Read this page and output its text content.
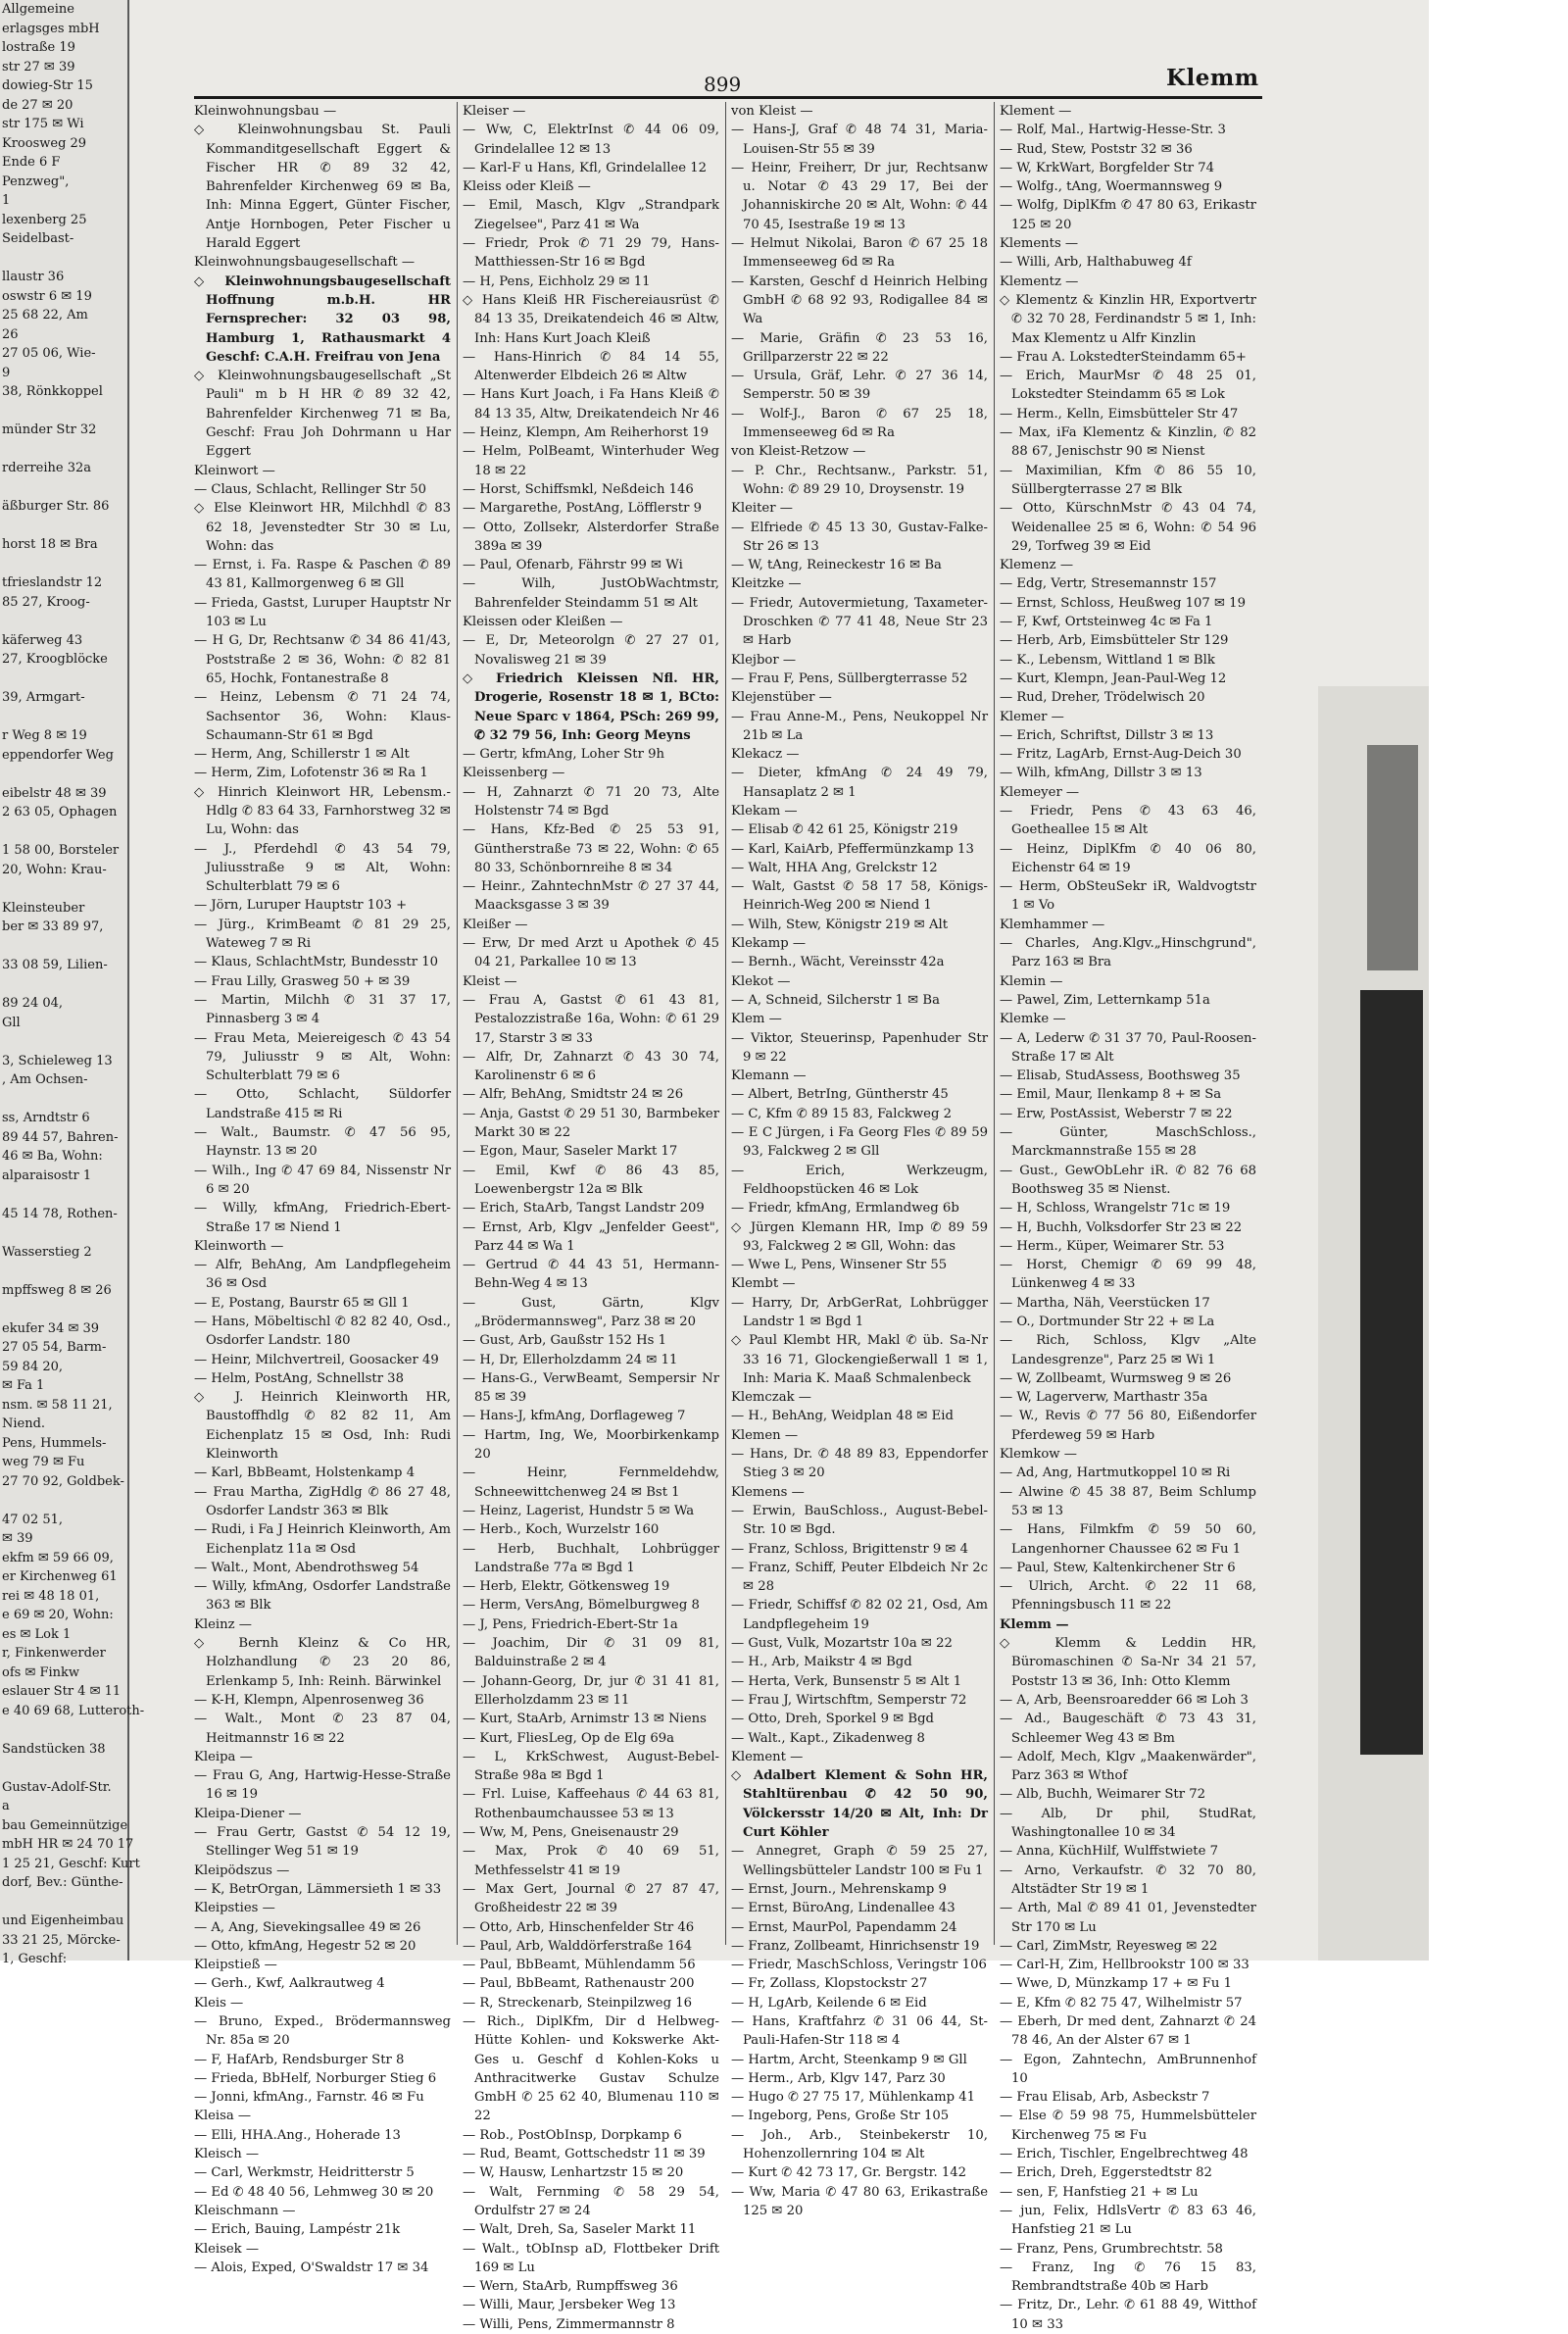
Allgemeine
erlagsges mbH
lostraße 19
str 27 ✉ 39
dowieg-Str 15
de 27 ✉ 20
str 175 ✉ Wi
Kroosweg 29
Ende 6 F
Penzweg",
1
lexenberg 25
Seidelbast-

llaustr 36
oswstr 6 ✉ 19
25 68 22, Am
26
27 05 06, Wie-
9
38, Rönkkoppel

münder Str 32

rderreihe 32a

äßburger Str. 86

horst 18 ✉ Bra

tfrieslandstr 12
85 27, Kroog-

käferweg 43
27, Kroogblöcke

39, Armgart-

r Weg 8 ✉ 19
eppendorfer Weg

eibelstr 48 ✉ 39
2 63 05, Ophagen

1 58 00, Borsteler
20, Wohn: Krau-

Kleinsteuber
ber ✉ 33 89 97,

33 08 59, Lilien-

89 24 04,
Gll

3, Schieleweg 13
, Am Ochsen-

ss, Arndtstr 6
89 44 57, Bahren-
46 ✉ Ba, Wohn:
alparaisostr 1

45 14 78, Rothen-

Wasserstieg 2

mpffsweg 8 ✉ 26

ekufer 34 ✉ 39
27 05 54, Barm-
59 84 20,
✉ Fa 1
nsm. ✉ 58 11 21,
Niend.
Pens, Hummels-
weg 79 ✉ Fu
27 70 92, Goldbek-

47 02 51,
✉ 39
ekfm ✉ 59 66 09,
er Kirchenweg 61
rei ✉ 48 18 01,
e 69 ✉ 20, Wohn:
es ✉ Lok 1
r, Finkenwerder
ofs ✉ Finkw
eslauer Str 4 ✉ 11
e 40 69 68, Lutteroth-

Sandstücken 38

Gustav-Adolf-Str.
a
bau Gemeinnützige
mbH HR ✉ 24 70 17
1 25 21, Geschf: Kurt
dorf, Bev.: Günthe-

und Eigenheimbau
33 21 25, Mörcke-
1, Geschf:
899	Klemm
Kleinwohnungsbau —
◇ Kleinwohnungsbau St. Pauli Kommanditgesellschaft Eggert & Fischer HR ✆ 89 32 42, Bahrenfelder Kirchenweg 69 ✉ Ba, Inh: Minna Eggert, Günter Fischer, Antje Hornbogen, Peter Fischer u Harald Eggert
Kleinwohnungsbaugesellschaft —
◇ Kleinwohnungsbaugesellschaft Hoffnung m.b.H. HR Fernsprecher: 32 03 98, Hamburg 1, Rathausmarkt 4 Geschf: C.A.H. Freifrau von Jena
◇ Kleinwohnungsbaugesellschaft „St Pauli" m b H HR ✆ 89 32 42, Bahrenfelder Kirchenweg 71 ✉ Ba, Geschf: Frau Joh Dohrmann u Har Eggert
Kleinwort —
— Claus, Schlacht, Rellinger Str 50
◇ Else Kleinwort HR, Milchhdl ✆ 83 62 18, Jevenstedter Str 30 ✉ Lu, Wohn: das
— Ernst, i. Fa. Raspe & Paschen ✆ 89 43 81, Kallmorgenweg 6 ✉ Gll
— Frieda, Gastst, Luruper Hauptstr Nr 103 ✉ Lu
— H G, Dr, Rechtsanw ✆ 34 86 41/43, Poststraße 2 ✉ 36, Wohn: ✆ 82 81 65, Hochk, Fontanestraße 8
— Heinz, Lebensm ✆ 71 24 74, Sachsentor 36, Wohn: Klaus-Schaumann-Str 61 ✉ Bgd
— Herm, Ang, Schillerstr 1 ✉ Alt
— Herm, Zim, Lofotenstr 36 ✉ Ra 1
◇ Hinrich Kleinwort HR, Lebensm.-Hdlg ✆ 83 64 33, Farnhorstweg 32 ✉ Lu, Wohn: das
— J., Pferdehdl ✆ 43 54 79, Juliusstraße 9 ✉ Alt, Wohn: Schulterblatt 79 ✉ 6
— Jörn, Luruper Hauptstr 103 +
— Jürg., KrimBeamt ✆ 81 29 25, Wateweg 7 ✉ Ri
— Klaus, SchlachtMstr, Bundesstr 10
— Frau Lilly, Grasweg 50 + ✉ 39
— Martin, Milchh ✆ 31 37 17, Pinnasberg 3 ✉ 4
— Frau Meta, Meiereigesch ✆ 43 54 79, Juliusstr 9 ✉ Alt, Wohn: Schulterblatt 79 ✉ 6
— Otto, Schlacht, Süldorfer Landstraße 415 ✉ Ri
— Walt., Baumstr. ✆ 47 56 95, Haynstr. 13 ✉ 20
— Wilh., Ing ✆ 47 69 84, Nissenstr Nr 6 ✉ 20
— Willy, kfmAng, Friedrich-Ebert-Straße 17 ✉ Niend 1
Kleinworth —
— Alfr, BehAng, Am Landpflegeheim 36 ✉ Osd
— E, Postang, Baurstr 65 ✉ Gll 1
— Hans, Möbeltischl ✆ 82 82 40, Osd., Osdorfer Landstr. 180
— Heinr, Milchvertreil, Goosacker 49
— Helm, PostAng, Schnellstr 38
◇ J. Heinrich Kleinworth HR, Baustoffhdlg ✆ 82 82 11, Am Eichenplatz 15 ✉ Osd, Inh: Rudi Kleinworth
— Karl, BbBeamt, Holstenkamp 4
— Frau Martha, ZigHdlg ✆ 86 27 48, Osdorfer Landstr 363 ✉ Blk
— Rudi, i Fa J Heinrich Kleinworth, Am Eichenplatz 11a ✉ Osd
— Walt., Mont, Abendrothsweg 54
— Willy, kfmAng, Osdorfer Landstraße 363 ✉ Blk
Kleinz —
◇ Bernh Kleinz & Co HR, Holzhandlung ✆ 23 20 86, Erlenkamp 5, Inh: Reinh. Bärwinkel
— K-H, Klempn, Alpenrosenweg 36
— Walt., Mont ✆ 23 87 04, Heitmannstr 16 ✉ 22
Kleipa —
— Frau G, Ang, Hartwig-Hesse-Straße 16 ✉ 19
Kleipa-Diener —
— Frau Gertr, Gastst ✆ 54 12 19, Stellinger Weg 51 ✉ 19
Kleipödszus —
— K, BetrOrgan, Lämmersieth 1 ✉ 33
Kleipsties —
— A, Ang, Sievekingsallee 49 ✉ 26
— Otto, kfmAng, Hegestr 52 ✉ 20
Kleipstieß —
— Gerh., Kwf, Aalkrautweg 4
Kleis —
— Bruno, Exped., Brödermannsweg Nr. 85a ✉ 20
— F, HafArb, Rendsburger Str 8
— Frieda, BbHelf, Norburger Stieg 6
— Jonni, kfmAng., Farnstr. 46 ✉ Fu
Kleisa —
— Elli, HHA.Ang., Hoherade 13
Kleisch —
— Carl, Werkmstr, Heidritterstr 5
— Ed ✆ 48 40 56, Lehmweg 30 ✉ 20
Kleischmann —
— Erich, Bauing, Lampéstr 21k
Kleisek —
— Alois, Exped, O'Swaldstr 17 ✉ 34
Kleiser —
— Ww, C, ElektrInst ✆ 44 06 09, Grindelallee 12 ✉ 13
— Karl-F u Hans, Kfl, Grindelallee 12
Kleiss oder Kleiß —
— Emil, Masch, Klgv „Strandpark Ziegelsee", Parz 41 ✉ Wa
— Friedr, Prok ✆ 71 29 79, Hans-Matthiessen-Str 16 ✉ Bgd
— H, Pens, Eichholz 29 ✉ 11
◇ Hans Kleiß HR Fischereiausrüst ✆ 84 13 35, Dreikatendeich 46 ✉ Altw, Inh: Hans Kurt Joach Kleiß
— Hans-Hinrich ✆ 84 14 55, Altenwerder Elbdeich 26 ✉ Altw
— Hans Kurt Joach, i Fa Hans Kleiß ✆ 84 13 35, Altw, Dreikatendeich Nr 46
— Heinz, Klempn, Am Reiherhorst 19
— Helm, PolBeamt, Winterhuder Weg 18 ✉ 22
— Horst, Schiffsmkl, Neßdeich 146
— Margarethe, PostAng, Löfflerstr 9
— Otto, Zollsekr, Alsterdorfer Straße 389a ✉ 39
— Paul, Ofenarb, Fährstr 99 ✉ Wi
— Wilh, JustObWachtmstr, Bahrenfelder Steindamm 51 ✉ Alt
Kleissen oder Kleißen —
— E, Dr, Meteorolgn ✆ 27 27 01, Novalisweg 21 ✉ 39
◇ Friedrich Kleissen Nfl. HR, Drogerie, Rosenstr 18 ✉ 1, BCto: Neue Sparc v 1864, PSch: 269 99, ✆ 32 79 56, Inh: Georg Meyns
— Gertr, kfmAng, Loher Str 9h
Kleissenberg —
— H, Zahnarzt ✆ 71 20 73, Alte Holstenstr 74 ✉ Bgd
— Hans, Kfz-Bed ✆ 25 53 91, Güntherstraße 73 ✉ 22, Wohn: ✆ 65 80 33, Schönbornreihe 8 ✉ 34
— Heinr., ZahntechnMstr ✆ 27 37 44, Maacksgasse 3 ✉ 39
Kleißer —
— Erw, Dr med Arzt u Apothek ✆ 45 04 21, Parkallee 10 ✉ 13
Kleist —
— Frau A, Gastst ✆ 61 43 81, Pestalozzistraße 16a, Wohn: ✆ 61 29 17, Starstr 3 ✉ 33
— Alfr, Dr, Zahnarzt ✆ 43 30 74, Karolinenstr 6 ✉ 6
— Alfr, BehAng, Smidtstr 24 ✉ 26
— Anja, Gastst ✆ 29 51 30, Barmbeker Markt 30 ✉ 22
— Egon, Maur, Saseler Markt 17
— Emil, Kwf ✆ 86 43 85, Loewenbergstr 12a ✉ Blk
— Erich, StaArb, Tangst Landstr 209
— Ernst, Arb, Klgv „Jenfelder Geest", Parz 44 ✉ Wa 1
— Gertrud ✆ 44 43 51, Hermann-Behn-Weg 4 ✉ 13
— Gust, Gärtn, Klgv „Brödermannsweg", Parz 38 ✉ 20
— Gust, Arb, Gaußstr 152 Hs 1
— H, Dr, Ellerholzdamm 24 ✉ 11
— Hans-G., VerwBeamt, Sempersir Nr 85 ✉ 39
— Hans-J, kfmAng, Dorflageweg 7
— Hartm, Ing, We, Moorbirkenkamp 20
— Heinr, Fernmeldehdw, Schneewittchenweg 24 ✉ Bst 1
— Heinz, Lagerist, Hundstr 5 ✉ Wa
— Herb., Koch, Wurzelstr 160
— Herb, Buchhalt, Lohbrügger Landstraße 77a ✉ Bgd 1
— Herb, Elektr, Götkensweg 19
— Herm, VersAng, Bömelburgweg 8
— J, Pens, Friedrich-Ebert-Str 1a
— Joachim, Dir ✆ 31 09 81, Balduinstraße 2 ✉ 4
— Johann-Georg, Dr, jur ✆ 31 41 81, Ellerholzdamm 23 ✉ 11
— Kurt, StaArb, Arnimstr 13 ✉ Niens
— Kurt, FliesLeg, Op de Elg 69a
— L, KrkSchwest, August-Bebel-Straße 98a ✉ Bgd 1
— Frl. Luise, Kaffeehaus ✆ 44 63 81, Rothenbaumchaussee 53 ✉ 13
— Ww, M, Pens, Gneisenaustr 29
— Max, Prok ✆ 40 69 51, Methfesselstr 41 ✉ 19
— Max Gert, Journal ✆ 27 87 47, Großheidestr 22 ✉ 39
— Otto, Arb, Hinschenfelder Str 46
— Paul, Arb, Walddörferstraße 164
— Paul, BbBeamt, Mühlendamm 56
— Paul, BbBeamt, Rathenaustr 200
— R, Streckenarb, Steinpilzweg 16
— Rich., DiplKfm, Dir d Helbweg-Hütte Kohlen- und Kokswerke Akt-Ges u. Geschf d Kohlen-Koks u Anthracitwerke Gustav Schulze GmbH ✆ 25 62 40, Blumenau 110 ✉ 22
— Rob., PostObInsp, Dorpkamp 6
— Rud, Beamt, Gottschedstr 11 ✉ 39
— W, Hausw, Lenhartzstr 15 ✉ 20
— Walt, Fernming ✆ 58 29 54, Ordulfstr 27 ✉ 24
— Walt, Dreh, Sa, Saseler Markt 11
— Walt., tObInsp aD, Flottbeker Drift 169 ✉ Lu
— Wern, StaArb, Rumpffsweg 36
— Willi, Maur, Jersbeker Weg 13
— Willi, Pens, Zimmermannstr 8
von Kleist —
— Hans-J, Graf ✆ 48 74 31, Maria-Louisen-Str 55 ✉ 39
— Heinr, Freiherr, Dr jur, Rechtsanw u. Notar ✆ 43 29 17, Bei der Johanniskirche 20 ✉ Alt, Wohn: ✆ 44 70 45, Isestraße 19 ✉ 13
— Helmut Nikolai, Baron ✆ 67 25 18 Immenseeweg 6d ✉ Ra
— Karsten, Geschf d Heinrich Helbing GmbH ✆ 68 92 93, Rodigallee 84 ✉ Wa
— Marie, Gräfin ✆ 23 53 16, Grillparzerstr 22 ✉ 22
— Ursula, Gräf, Lehr. ✆ 27 36 14, Semperstr. 50 ✉ 39
— Wolf-J., Baron ✆ 67 25 18, Immenseeweg 6d ✉ Ra
von Kleist-Retzow —
— P. Chr., Rechtsanw., Parkstr. 51, Wohn: ✆ 89 29 10, Droysenstr. 19
Kleiter —
— Elfriede ✆ 45 13 30, Gustav-Falke-Str 26 ✉ 13
— W, tAng, Reineckestr 16 ✉ Ba
Kleitzke —
— Friedr, Autovermietung, Taxameter-Droschken ✆ 77 41 48, Neue Str 23 ✉ Harb
Klejbor —
— Frau F, Pens, Süllbergterrasse 52
Klejenstüber —
— Frau Anne-M., Pens, Neukoppel Nr 21b ✉ La
Klekacz —
— Dieter, kfmAng ✆ 24 49 79, Hansaplatz 2 ✉ 1
Klekam —
— Elisab ✆ 42 61 25, Königstr 219
— Karl, KaiArb, Pfeffermünzkamp 13
— Walt, HHA Ang, Grelckstr 12
— Walt, Gastst ✆ 58 17 58, Königs-Heinrich-Weg 200 ✉ Niend 1
— Wilh, Stew, Königstr 219 ✉ Alt
Klekamp —
— Bernh., Wächt, Vereinsstr 42a
Klekot —
— A, Schneid, Silcherstr 1 ✉ Ba
Klem —
— Viktor, Steuerinsp, Papenhuder Str 9 ✉ 22
Klemann —
— Albert, BetrIng, Güntherstr 45
— C, Kfm ✆ 89 15 83, Falckweg 2
— E C Jürgen, i Fa Georg Fles ✆ 89 59 93, Falckweg 2 ✉ Gll
— Erich, Werkzeugm, Feldhoopstücken 46 ✉ Lok
— Friedr, kfmAng, Ermlandweg 6b
◇ Jürgen Klemann HR, Imp ✆ 89 59 93, Falckweg 2 ✉ Gll, Wohn: das
— Wwe L, Pens, Winsener Str 55
Klembt —
— Harry, Dr, ArbGerRat, Lohbrügger Landstr 1 ✉ Bgd 1
◇ Paul Klembt HR, Makl ✆ üb. Sa-Nr 33 16 71, Glockengießerwall 1 ✉ 1, Inh: Maria K. Maaß Schmalenbeck
Klemczak —
— H., BehAng, Weidplan 48 ✉ Eid
Klemen —
— Hans, Dr. ✆ 48 89 83, Eppendorfer Stieg 3 ✉ 20
Klemens —
— Erwin, BauSchloss., August-Bebel-Str. 10 ✉ Bgd.
— Franz, Schloss, Brigittenstr 9 ✉ 4
— Franz, Schiff, Peuter Elbdeich Nr 2c ✉ 28
— Friedr, Schiffsf ✆ 82 02 21, Osd, Am Landpflegeheim 19
— Gust, Vulk, Mozartstr 10a ✉ 22
— H., Arb, Maikstr 4 ✉ Bgd
— Herta, Verk, Bunsenstr 5 ✉ Alt 1
— Frau J, Wirtschftm, Semperstr 72
— Otto, Dreh, Sporkel 9 ✉ Bgd
— Walt., Kapt., Zikadenweg 8
Klement —
◇ Adalbert Klement & Sohn HR, Stahltürenbau ✆ 42 50 90, Völckersstr 14/20 ✉ Alt, Inh: Dr Curt Köhler
— Annegret, Graph ✆ 59 25 27, Wellingsbütteler Landstr 100 ✉ Fu 1
— Ernst, Journ., Mehrenskamp 9
— Ernst, BüroAng, Lindenallee 43
— Ernst, MaurPol, Papendamm 24
— Franz, Zollbeamt, Hinrichsenstr 19
— Friedr, MaschSchloss, Veringstr 106
— Fr, Zollass, Klopstockstr 27
— H, LgArb, Keilende 6 ✉ Eid
— Hans, Kraftfahrz ✆ 31 06 44, St-Pauli-Hafen-Str 118 ✉ 4
— Hartm, Archt, Steenkamp 9 ✉ Gll
— Herm., Arb, Klgv 147, Parz 30
— Hugo ✆ 27 75 17, Mühlenkamp 41
— Ingeborg, Pens, Große Str 105
— Joh., Arb., Steinbekerstr 10, Hohenzollernring 104 ✉ Alt
— Kurt ✆ 42 73 17, Gr. Bergstr. 142
— Ww, Maria ✆ 47 80 63, Erikastraße 125 ✉ 20
Klement —
— Rolf, Mal., Hartwig-Hesse-Str. 3
— Rud, Stew, Poststr 32 ✉ 36
— W, KrkWart, Borgfelder Str 74
— Wolfg., tAng, Woermannsweg 9
— Wolfg, DiplKfm ✆ 47 80 63, Erikastr 125 ✉ 20
Klements —
— Willi, Arb, Halthabuweg 4f
Klementz —
◇ Klementz & Kinzlin HR, Exportvertr ✆ 32 70 28, Ferdinandstr 5 ✉ 1, Inh: Max Klementz u Alfr Kinzlin
— Frau A. LokstedterSteindamm 65+
— Erich, MaurMsr ✆ 48 25 01, Lokstedter Steindamm 65 ✉ Lok
— Herm., Kelln, Eimsbütteler Str 47
— Max, iFa Klementz & Kinzlin, ✆ 82 88 67, Jenischstr 90 ✉ Nienst
— Maximilian, Kfm ✆ 86 55 10, Süllbergterrasse 27 ✉ Blk
— Otto, KürschnMstr ✆ 43 04 74, Weidenallee 25 ✉ 6, Wohn: ✆ 54 96 29, Torfweg 39 ✉ Eid
Klemenz —
— Edg, Vertr, Stresemannstr 157
— Ernst, Schloss, Heußweg 107 ✉ 19
— F, Kwf, Ortsteinweg 4c ✉ Fa 1
— Herb, Arb, Eimsbütteler Str 129
— K., Lebensm, Wittland 1 ✉ Blk
— Kurt, Klempn, Jean-Paul-Weg 12
— Rud, Dreher, Trödelwisch 20
Klemer —
— Erich, Schriftst, Dillstr 3 ✉ 13
— Fritz, LagArb, Ernst-Aug-Deich 30
— Wilh, kfmAng, Dillstr 3 ✉ 13
Klemeyer —
— Friedr, Pens ✆ 43 63 46, Goetheallee 15 ✉ Alt
— Heinz, DiplKfm ✆ 40 06 80, Eichenstr 64 ✉ 19
— Herm, ObSteuSekr iR, Waldvogtstr 1 ✉ Vo
Klemhammer —
— Charles, Ang.Klgv.„Hinschgrund", Parz 163 ✉ Bra
Klemin —
— Pawel, Zim, Letternkamp 51a
Klemke —
— A, Lederw ✆ 31 37 70, Paul-Roosen-Straße 17 ✉ Alt
— Elisab, StudAssess, Boothsweg 35
— Emil, Maur, Ilenkamp 8 + ✉ Sa
— Erw, PostAssist, Weberstr 7 ✉ 22
— Günter, MaschSchloss., Marckmannstraße 155 ✉ 28
— Gust., GewObLehr iR. ✆ 82 76 68 Boothsweg 35 ✉ Nienst.
— H, Schloss, Wrangelstr 71c ✉ 19
— H, Buchh, Volksdorfer Str 23 ✉ 22
— Herm., Küper, Weimarer Str. 53
— Horst, Chemigr ✆ 69 99 48, Lünkenweg 4 ✉ 33
— Martha, Näh, Veerstücken 17
— O., Dortmunder Str 22 + ✉ La
— Rich, Schloss, Klgv „Alte Landesgrenze", Parz 25 ✉ Wi 1
— W, Zollbeamt, Wurmsweg 9 ✉ 26
— W, Lagerverw, Marthastr 35a
— W., Revis ✆ 77 56 80, Eißendorfer Pferdeweg 59 ✉ Harb
Klemkow —
— Ad, Ang, Hartmutkoppel 10 ✉ Ri
— Alwine ✆ 45 38 87, Beim Schlump 53 ✉ 13
— Hans, Filmkfm ✆ 59 50 60, Langenhorner Chaussee 62 ✉ Fu 1
— Paul, Stew, Kaltenkirchener Str 6
— Ulrich, Archt. ✆ 22 11 68, Pfenningsbusch 11 ✉ 22
Klemm —
◇ Klemm & Leddin HR, Büromaschinen ✆ Sa-Nr 34 21 57, Poststr 13 ✉ 36, Inh: Otto Klemm
— A, Arb, Beensroaredder 66 ✉ Loh 3
— Ad., Baugeschäft ✆ 73 43 31, Schleemer Weg 43 ✉ Bm
— Adolf, Mech, Klgv „Maakenwärder", Parz 363 ✉ Wthof
— Alb, Buchh, Weimarer Str 72
— Alb, Dr phil, StudRat, Washingtonallee 10 ✉ 34
— Anna, KüchHilf, Wulffstwiete 7
— Arno, Verkaufstr. ✆ 32 70 80, Altstädter Str 19 ✉ 1
— Arth, Mal ✆ 89 41 01, Jevenstedter Str 170 ✉ Lu
— Carl, ZimMstr, Reyesweg ✉ 22
— Carl-H, Zim, Hellbrookstr 100 ✉ 33
— Wwe, D, Münzkamp 17 + ✉ Fu 1
— E, Kfm ✆ 82 75 47, Wilhelmistr 57
— Eberh, Dr med dent, Zahnarzt ✆ 24 78 46, An der Alster 67 ✉ 1
— Egon, Zahntechn, AmBrunnenhof 10
— Frau Elisab, Arb, Asbeckstr 7
— Else ✆ 59 98 75, Hummelsbütteler Kirchenweg 75 ✉ Fu
— Erich, Tischler, Engelbrechtweg 48
— Erich, Dreh, Eggerstedtstr 82
— sen, F, Hanfstieg 21 + ✉ Lu
— jun, Felix, HdlsVertr ✆ 83 63 46, Hanfstieg 21 ✉ Lu
— Franz, Pens, Grumbrechtstr. 58
— Franz, Ing ✆ 76 15 83, Rembrandtstraße 40b ✉ Harb
— Fritz, Dr., Lehr. ✆ 61 88 49, Witthof 10 ✉ 33
